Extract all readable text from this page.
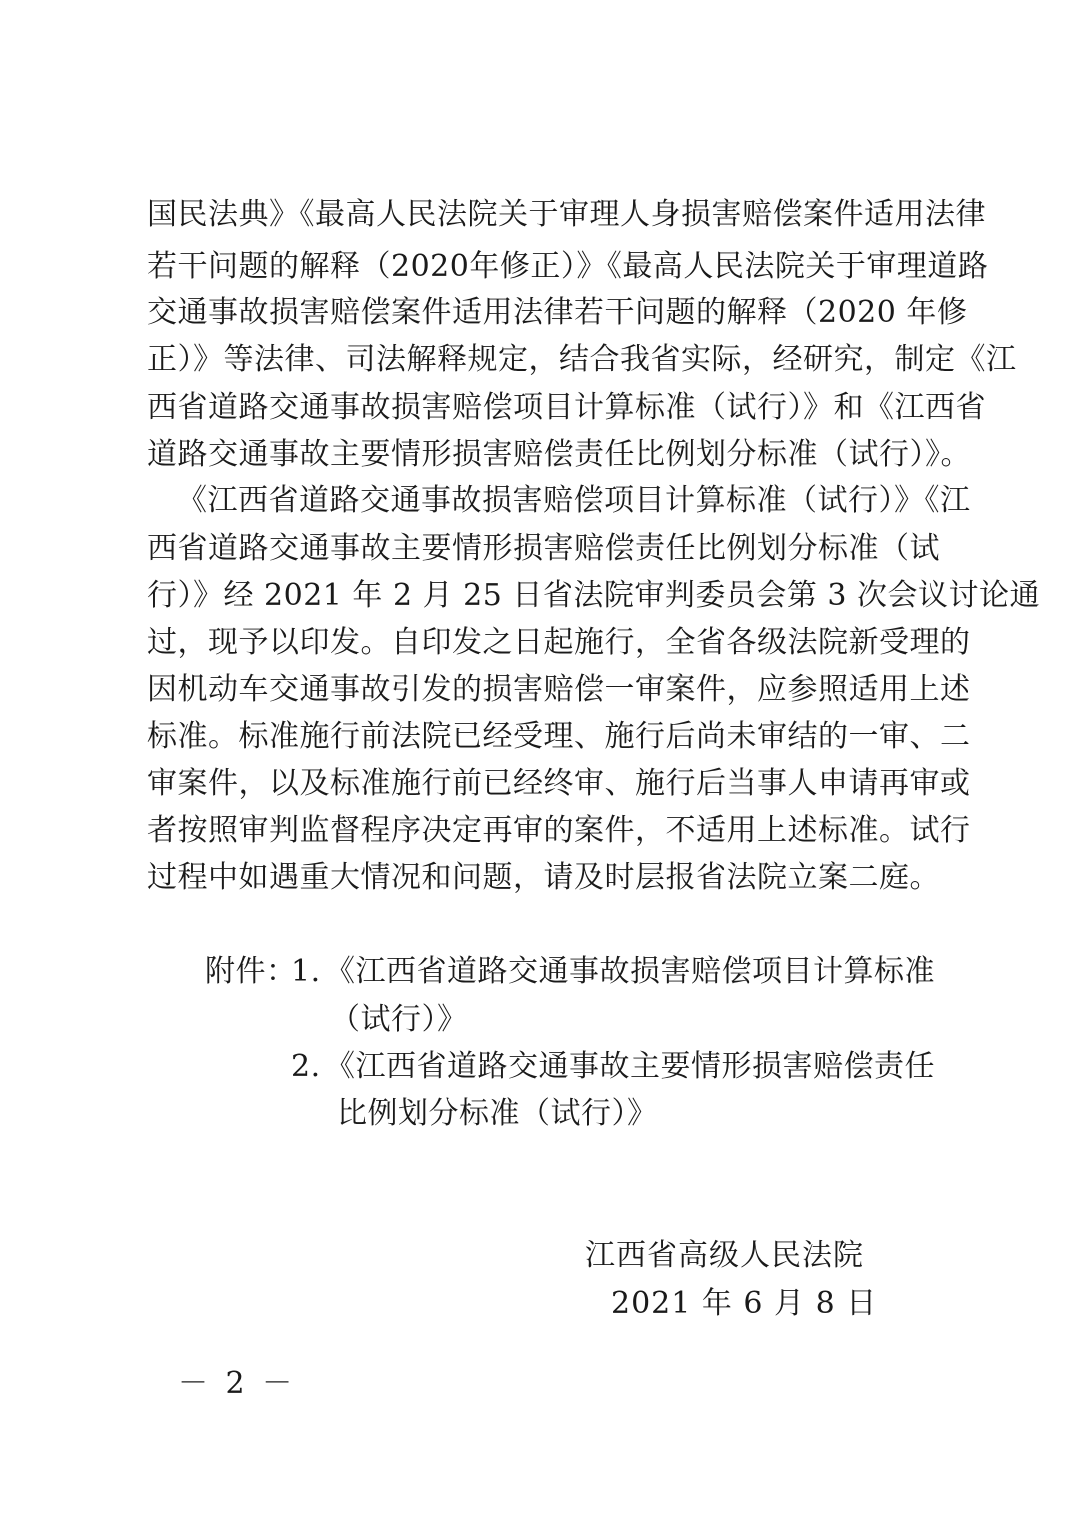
国民法典》《最高人民法院关于审理人身损害赔偿案件适用法律
若干问题的解释（2020年修正）》《最高人民法院关于审理道路
交通事故损害赔偿案件适用法律若干问题的解释（2020 年修
正）》等法律、司法解释规定，结合我省实际，经研究，制定《江
西省道路交通事故损害赔偿项目计算标准（试行）》和《江西省
道路交通事故主要情形损害赔偿责任比例划分标准（试行）》。
《江西省道路交通事故损害赔偿项目计算标准（试行）》《江
西省道路交通事故主要情形损害赔偿责任比例划分标准（试
行）》经 2021 年 2 月 25 日省法院审判委员会第 3 次会议讨论通
过，现予以印发。自印发之日起施行，全省各级法院新受理的
因机动车交通事故引发的损害赔偿一审案件，应参照适用上述
标准。标准施行前法院已经受理、施行后尚未审结的一审、二
审案件，以及标准施行前已经终审、施行后当事人申请再审或
者按照审判监督程序决定再审的案件，不适用上述标准。试行
过程中如遇重大情况和问题，请及时层报省法院立案二庭。
附件：
1. 《江西省道路交通事故损害赔偿项目计算标准
（试行）》
2. 《江西省道路交通事故主要情形损害赔偿责任
比例划分标准（试行）》
江西省高级人民法院
2021 年 6 月 8 日
－ 2 －
